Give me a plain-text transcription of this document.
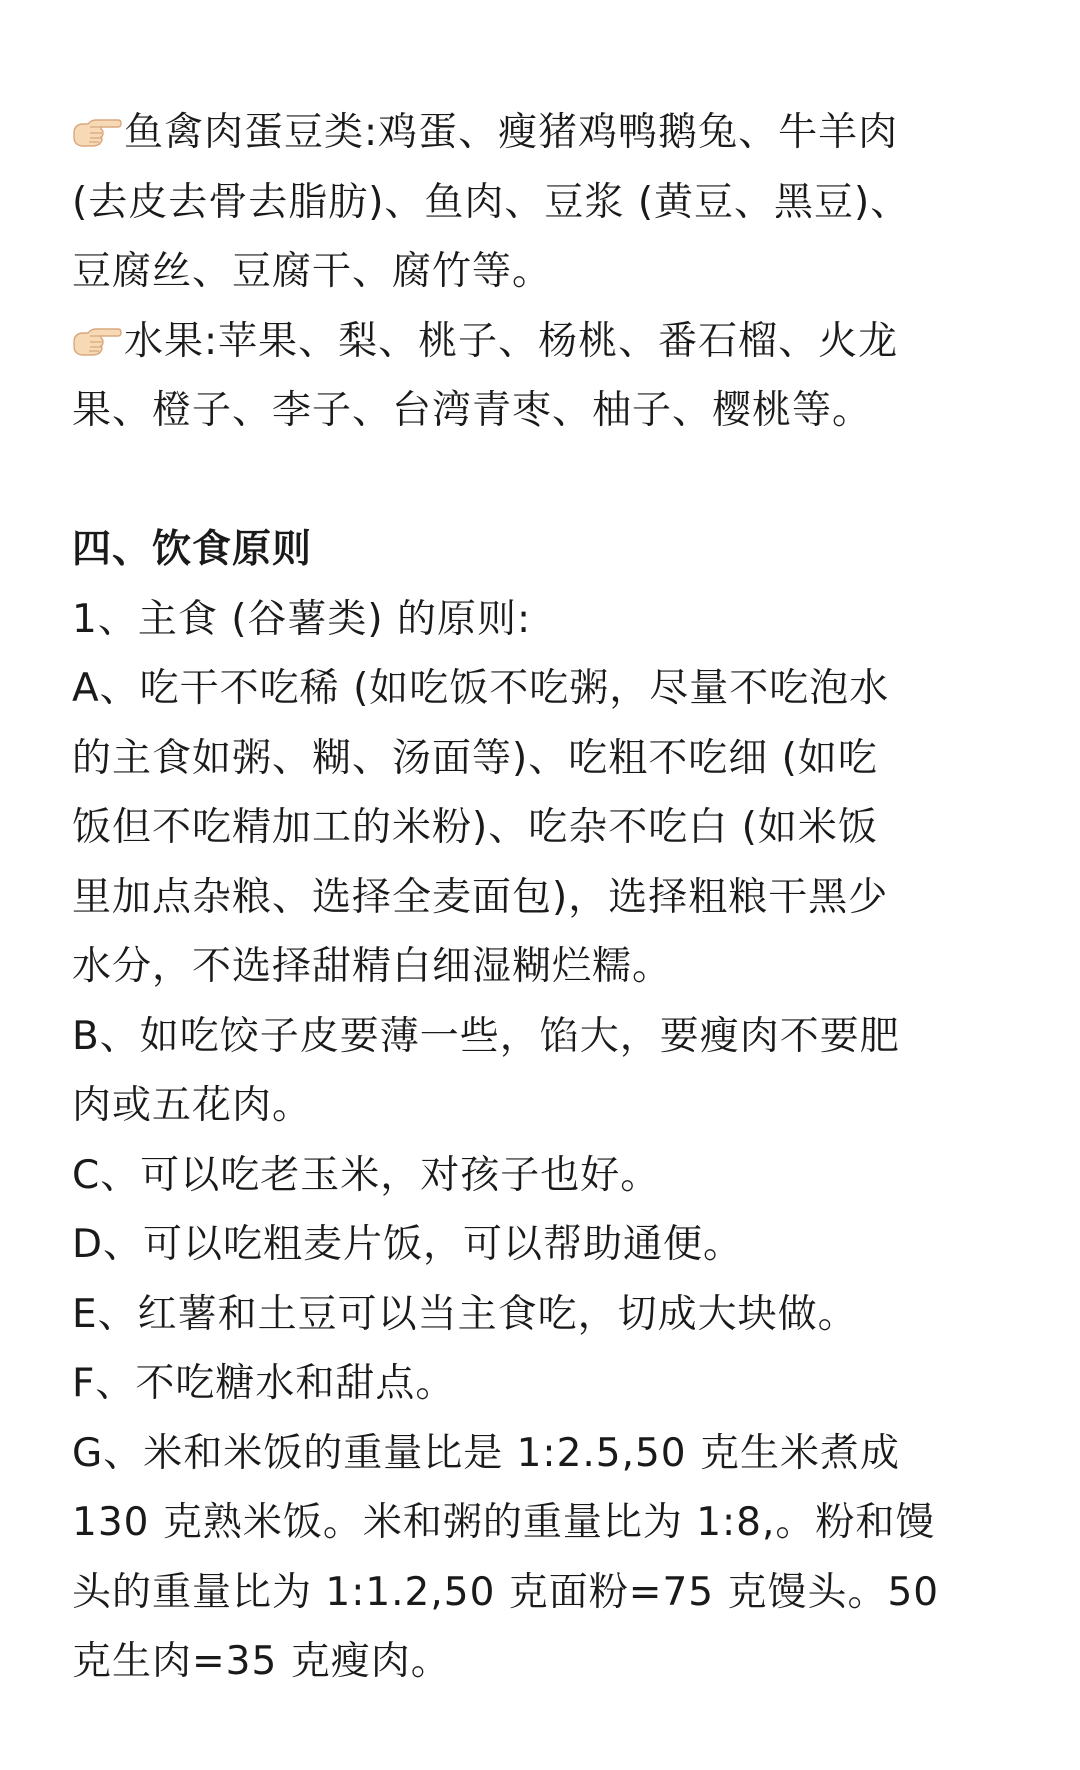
鱼禽肉蛋豆类:鸡蛋、瘦猪鸡鸭鹅兔、牛羊肉
(去皮去骨去脂肪)、鱼肉、豆浆 (黄豆、黑豆)、
豆腐丝、豆腐干、腐竹等。
水果:苹果、梨、桃子、杨桃、番石榴、火龙
果、橙子、李子、台湾青枣、柚子、樱桃等。
四、饮食原则
1、主食 (谷薯类) 的原则:
A、吃干不吃稀 (如吃饭不吃粥，尽量不吃泡水
的主食如粥、糊、汤面等)、吃粗不吃细 (如吃
饭但不吃精加工的米粉)、吃杂不吃白 (如米饭
里加点杂粮、选择全麦面包)，选择粗粮干黑少
水分，不选择甜精白细湿糊烂糯。
B、如吃饺子皮要薄一些，馅大，要瘦肉不要肥
肉或五花肉。
C、可以吃老玉米，对孩子也好。
D、可以吃粗麦片饭，可以帮助通便。
E、红薯和土豆可以当主食吃，切成大块做。
F、不吃糖水和甜点。
G、米和米饭的重量比是 1:2.5,50 克生米煮成
130 克熟米饭。米和粥的重量比为 1:8,。粉和馒
头的重量比为 1:1.2,50 克面粉=75 克馒头。50
克生肉=35 克瘦肉。
